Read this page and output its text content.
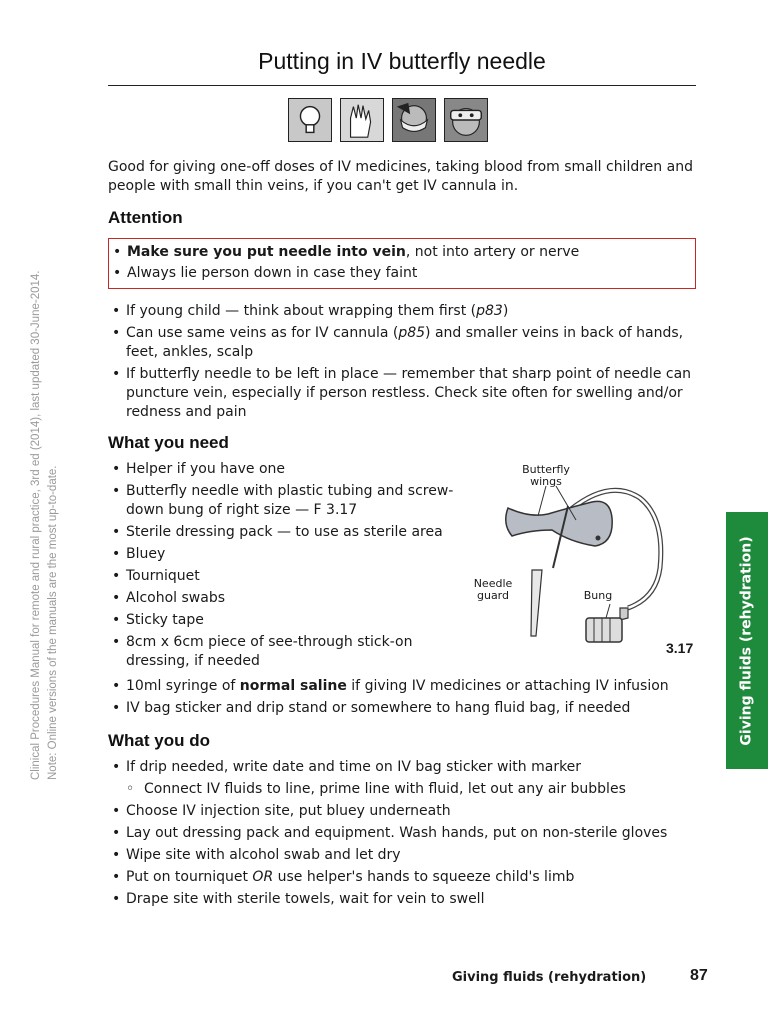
Putting in IV butterfly needle
Good for giving one-off doses of IV medicines, taking blood from small children and people with small thin veins, if you can't get IV cannula in.
Attention
• Make sure you put needle into vein, not into artery or nerve
• Always lie person down in case they faint
• If young child — think about wrapping them first (p83)
• Can use same veins as for IV cannula (p85) and smaller veins in back of hands, feet, ankles, scalp
• If butterfly needle to be left in place — remember that sharp point of needle can puncture vein, especially if person restless. Check site often for swelling and/or redness and pain
What you need
• Helper if you have one
• Butterfly needle with plastic tubing and screw-down bung of right size — F 3.17
• Sterile dressing pack — to use as sterile area
• Bluey
• Tourniquet
• Alcohol swabs
• Sticky tape
• 8cm x 6cm piece of see-through stick-on dressing, if needed
• 10ml syringe of normal saline if giving IV medicines or attaching IV infusion
• IV bag sticker and drip stand or somewhere to hang fluid bag, if needed
Butterfly wings
Needle guard	Bung
3.17
What you do
• If drip needed, write date and time on IV bag sticker with marker
◦ Connect IV fluids to line, prime line with fluid, let out any air bubbles
• Choose IV injection site, put bluey underneath
• Lay out dressing pack and equipment. Wash hands, put on non-sterile gloves
• Wipe site with alcohol swab and let dry
• Put on tourniquet OR use helper's hands to squeeze child's limb
• Drape site with sterile towels, wait for vein to swell
Giving fluids (rehydration)
Clinical Procedures Manual for remote and rural practice, 3rd ed (2014), last updated 30-June-2014. Note: Online versions of the manuals are the most up-to-date.
Giving fluids (rehydration)	87
